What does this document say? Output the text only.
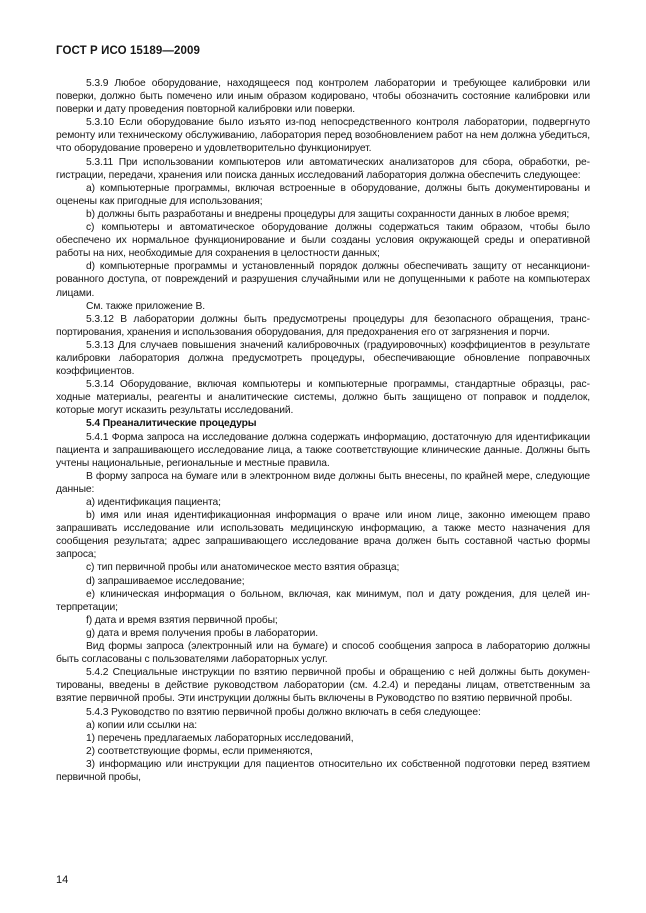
ГОСТ Р ИСО 15189—2009

5.3.9 Любое оборудование, находящееся под контролем лаборатории и требующее калибровки или поверки, должно быть помечено или иным образом кодировано, чтобы обозначить состояние калибровки или поверки и дату проведения повторной калибровки или поверки.

5.3.10 Если оборудование было изъято из-под непосредственного контроля лаборатории, подвергнуто ремонту или техническому обслуживанию, лаборатория перед возобновлением работ на нем должна убедиться, что оборудование проверено и удовлетворительно функционирует.

5.3.11 При использовании компьютеров или автоматических анализаторов для сбора, обработки, регистрации, передачи, хранения или поиска данных исследований лаборатория должна обеспечить следующее:

a) компьютерные программы, включая встроенные в оборудование, должны быть документированы и оценены как пригодные для использования;

b) должны быть разработаны и внедрены процедуры для защиты сохранности данных в любое время;

c) компьютеры и автоматическое оборудование должны содержаться таким образом, чтобы было обеспечено их нормальное функционирование и были созданы условия окружающей среды и оперативной работы на них, необходимые для сохранения в целостности данных;

d) компьютерные программы и установленный порядок должны обеспечивать защиту от несанкционированного доступа, от повреждений и разрушения случайными или не допущенными к работе на компьютерах лицами.

См. также приложение В.

5.3.12 В лаборатории должны быть предусмотрены процедуры для безопасного обращения, транспортирования, хранения и использования оборудования, для предохранения его от загрязнения и порчи.

5.3.13 Для случаев повышения значений калибровочных (градуировочных) коэффициентов в результате калибровки лаборатория должна предусмотреть процедуры, обеспечивающие обновление поправочных коэффициентов.

5.3.14 Оборудование, включая компьютеры и компьютерные программы, стандартные образцы, расходные материалы, реагенты и аналитические системы, должно быть защищено от поправок и подделок, которые могут исказить результаты исследований.

5.4 Преаналитические процедуры

5.4.1 Форма запроса на исследование должна содержать информацию, достаточную для идентификации пациента и запрашивающего исследование лица, а также соответствующие клинические данные. Должны быть учтены национальные, региональные и местные правила.

В форму запроса на бумаге или в электронном виде должны быть внесены, по крайней мере, следующие данные:

a) идентификация пациента;

b) имя или иная идентификационная информация о враче или ином лице, законно имеющем право запрашивать исследование или использовать медицинскую информацию, а также место назначения для сообщения результата; адрес запрашивающего исследование врача должен быть составной частью формы запроса;

c) тип первичной пробы или анатомическое место взятия образца;

d) запрашиваемое исследование;

e) клиническая информация о больном, включая, как минимум, пол и дату рождения, для целей интерпретации;

f) дата и время взятия первичной пробы;

g) дата и время получения пробы в лаборатории.

Вид формы запроса (электронный или на бумаге) и способ сообщения запроса в лабораторию должны быть согласованы с пользователями лабораторных услуг.

5.4.2 Специальные инструкции по взятию первичной пробы и обращению с ней должны быть документированы, введены в действие руководством лаборатории (см. 4.2.4) и переданы лицам, ответственным за взятие первичной пробы. Эти инструкции должны быть включены в Руководство по взятию первичной пробы.

5.4.3 Руководство по взятию первичной пробы должно включать в себя следующее:

a) копии или ссылки на:

1) перечень предлагаемых лабораторных исследований,

2) соответствующие формы, если применяются,

3) информацию или инструкции для пациентов относительно их собственной подготовки перед взятием первичной пробы,

14
